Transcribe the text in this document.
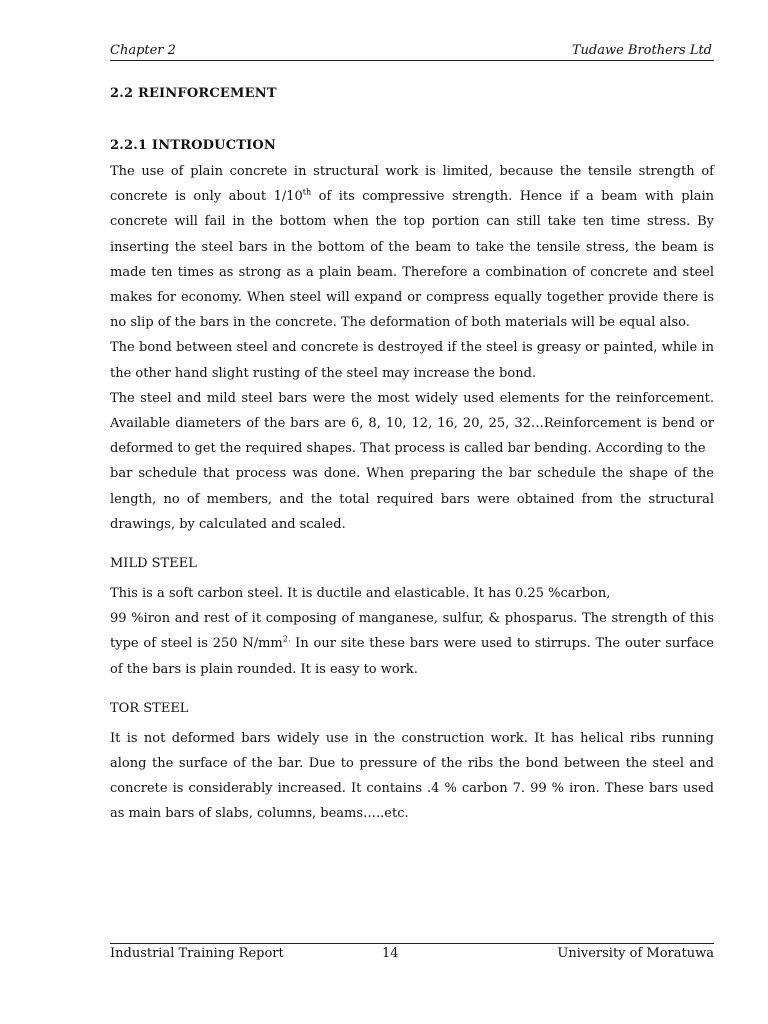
Chapter 2	Tudawe Brothers Ltd
2.2 REINFORCEMENT
2.2.1 INTRODUCTION

The use of plain concrete in structural work is limited, because the tensile strength of concrete is only about 1/10th of its compressive strength. Hence if a beam with plain concrete will fail in the bottom when the top portion can still take ten time stress. By inserting the steel bars in the bottom of the beam to take the tensile stress, the beam is made ten times as strong as a plain beam. Therefore a combination of concrete and steel makes for economy. When steel will expand or compress equally together provide there is no slip of the bars in the concrete. The deformation of both materials will be equal also.

The bond between steel and concrete is destroyed if the steel is greasy or painted, while in the other hand slight rusting of the steel may increase the bond.

The steel and mild steel bars were the most widely used elements for the reinforcement. Available diameters of the bars are 6, 8, 10, 12, 16, 20, 25, 32…Reinforcement is bend or deformed to get the required shapes. That process is called bar bending. According to the

bar schedule that process was done. When preparing the bar schedule the shape of the length, no of members, and the total required bars were obtained from the structural drawings, by calculated and scaled.

MILD STEEL

This is a soft carbon steel. It is ductile and elasticable. It has 0.25 %carbon,

99 %iron and rest of it composing of manganese, sulfur, & phosparus. The strength of this type of steel is 250 $N/mm^{2.}$ In our site these bars were used to stirrups. The outer surface of the bars is plain rounded. It is easy to work.

TOR STEEL

It is not deformed bars widely use in the construction work. It has helical ribs running along the surface of the bar. Due to pressure of the ribs the bond between the steel and concrete is considerably increased. It contains .4 % carbon 7. 99 % iron. These bars used as main bars of slabs, columns, beams…..etc.

Industrial Training Report	14	University of Moratuwa
